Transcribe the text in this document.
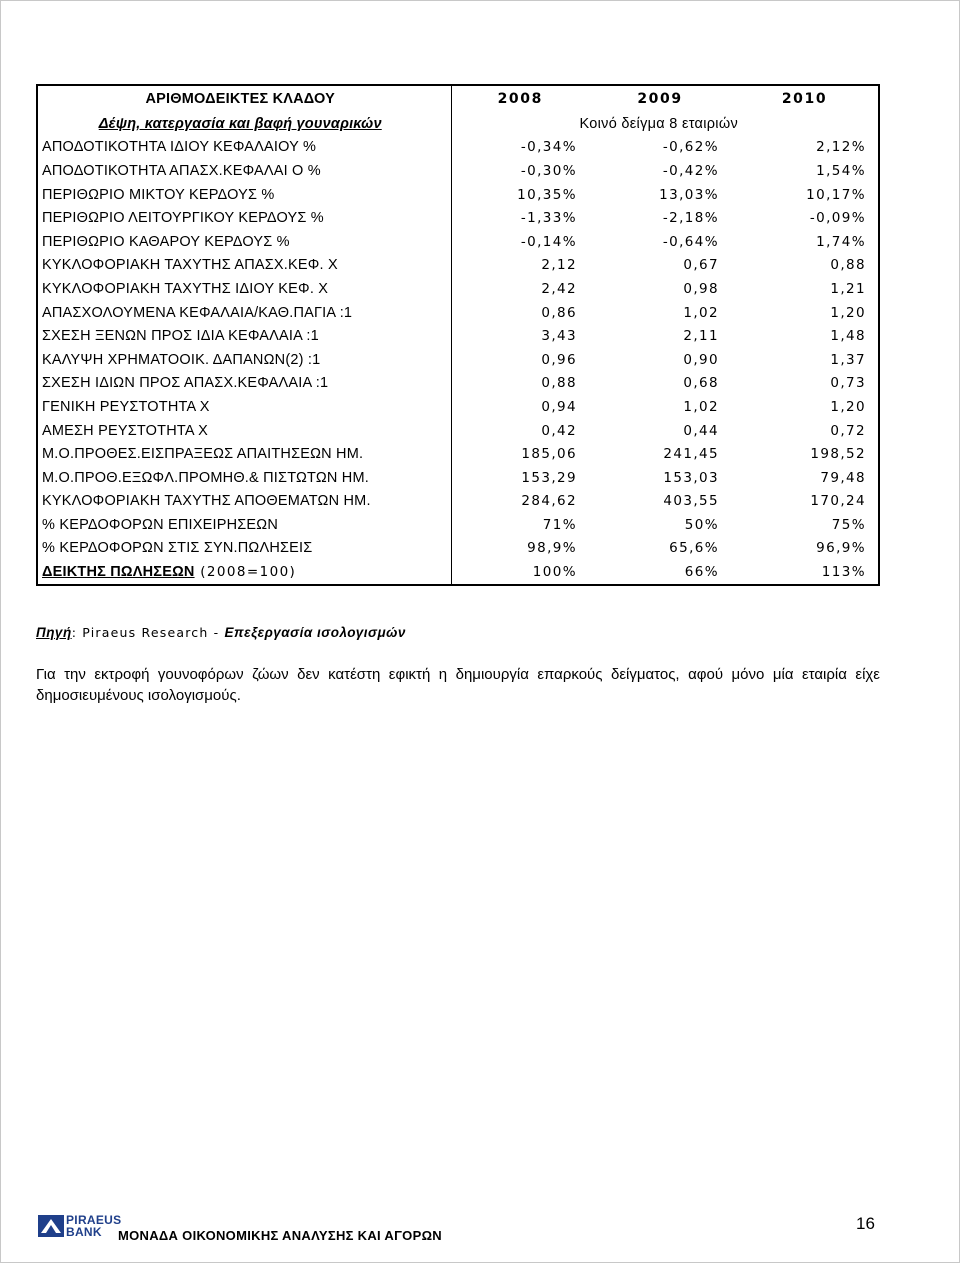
ΑΡΙΘΜΟΔΕΙΚΤΕΣ ΚΛΑΔΟΥ	2008	2009	2010
Δέψη, κατεργασία και βαφή γουναρικών	Κοινό δείγμα 8 εταιριών		
ΑΠΟΔΟΤΙΚΟΤΗΤΑ ΙΔΙΟΥ ΚΕΦΑΛΑΙΟΥ %	-0,34%	-0,62%	2,12%
ΑΠΟΔΟΤΙΚΟΤΗΤΑ ΑΠΑΣΧ.ΚΕΦΑΛΑΙ Ο %	-0,30%	-0,42%	1,54%
ΠΕΡΙΘΩΡΙΟ ΜΙΚΤΟΥ ΚΕΡΔΟΥΣ %	10,35%	13,03%	10,17%
ΠΕΡΙΘΩΡΙΟ ΛΕΙΤΟΥΡΓΙΚΟΥ ΚΕΡΔΟΥΣ %	-1,33%	-2,18%	-0,09%
ΠΕΡΙΘΩΡΙΟ ΚΑΘΑΡΟΥ ΚΕΡΔΟΥΣ %	-0,14%	-0,64%	1,74%
ΚΥΚΛΟΦΟΡΙΑΚΗ ΤΑΧΥΤΗΣ ΑΠΑΣΧ.ΚΕΦ. Χ	2,12	0,67	0,88
ΚΥΚΛΟΦΟΡΙΑΚΗ ΤΑΧΥΤΗΣ ΙΔΙΟΥ ΚΕΦ. Χ	2,42	0,98	1,21
ΑΠΑΣΧΟΛΟΥΜΕΝΑ ΚΕΦΑΛΑΙΑ/ΚΑΘ.ΠΑΓΙΑ :1	0,86	1,02	1,20
ΣΧΕΣΗ ΞΕΝΩΝ ΠΡΟΣ ΙΔΙΑ ΚΕΦΑΛΑΙΑ :1	3,43	2,11	1,48
ΚΑΛΥΨΗ ΧΡΗΜΑΤΟΟΙΚ. ΔΑΠΑΝΩΝ(2) :1	0,96	0,90	1,37
ΣΧΕΣΗ ΙΔΙΩΝ ΠΡΟΣ ΑΠΑΣΧ.ΚΕΦΑΛΑΙΑ :1	0,88	0,68	0,73
ΓΕΝΙΚΗ ΡΕΥΣΤΟΤΗΤΑ Χ	0,94	1,02	1,20
ΑΜΕΣΗ ΡΕΥΣΤΟΤΗΤΑ Χ	0,42	0,44	0,72
Μ.Ο.ΠΡΟΘΕΣ.ΕΙΣΠΡΑΞΕΩΣ ΑΠΑΙΤΗΣΕΩΝ ΗΜ.	185,06	241,45	198,52
Μ.Ο.ΠΡΟΘ.ΕΞΩΦΛ.ΠΡΟΜΗΘ.& ΠΙΣΤΩΤΩΝ ΗΜ.	153,29	153,03	79,48
ΚΥΚΛΟΦΟΡΙΑΚΗ ΤΑΧΥΤΗΣ ΑΠΟΘΕΜΑΤΩΝ ΗΜ.	284,62	403,55	170,24
% ΚΕΡΔΟΦΟΡΩΝ ΕΠΙΧΕΙΡΗΣΕΩΝ	71%	50%	75%
% ΚΕΡΔΟΦΟΡΩΝ ΣΤΙΣ ΣΥΝ.ΠΩΛΗΣΕΙΣ	98,9%	65,6%	96,9%
ΔΕΙΚΤΗΣ ΠΩΛΗΣΕΩΝ (2008=100)	100%	66%	113%
Πηγή: Piraeus Research - Επεξεργασία ισολογισμών
Για την εκτροφή γουνοφόρων ζώων δεν κατέστη εφικτή η δημιουργία επαρκούς δείγματος, αφού μόνο μία εταιρία είχε δημοσιευμένους ισολογισμούς.
PIRAEUS
BANK	ΜΟΝΑΔΑ ΟΙΚΟΝΟΜΙΚΗΣ ΑΝΑΛΥΣΗΣ ΚΑΙ ΑΓΟΡΩΝ
16
